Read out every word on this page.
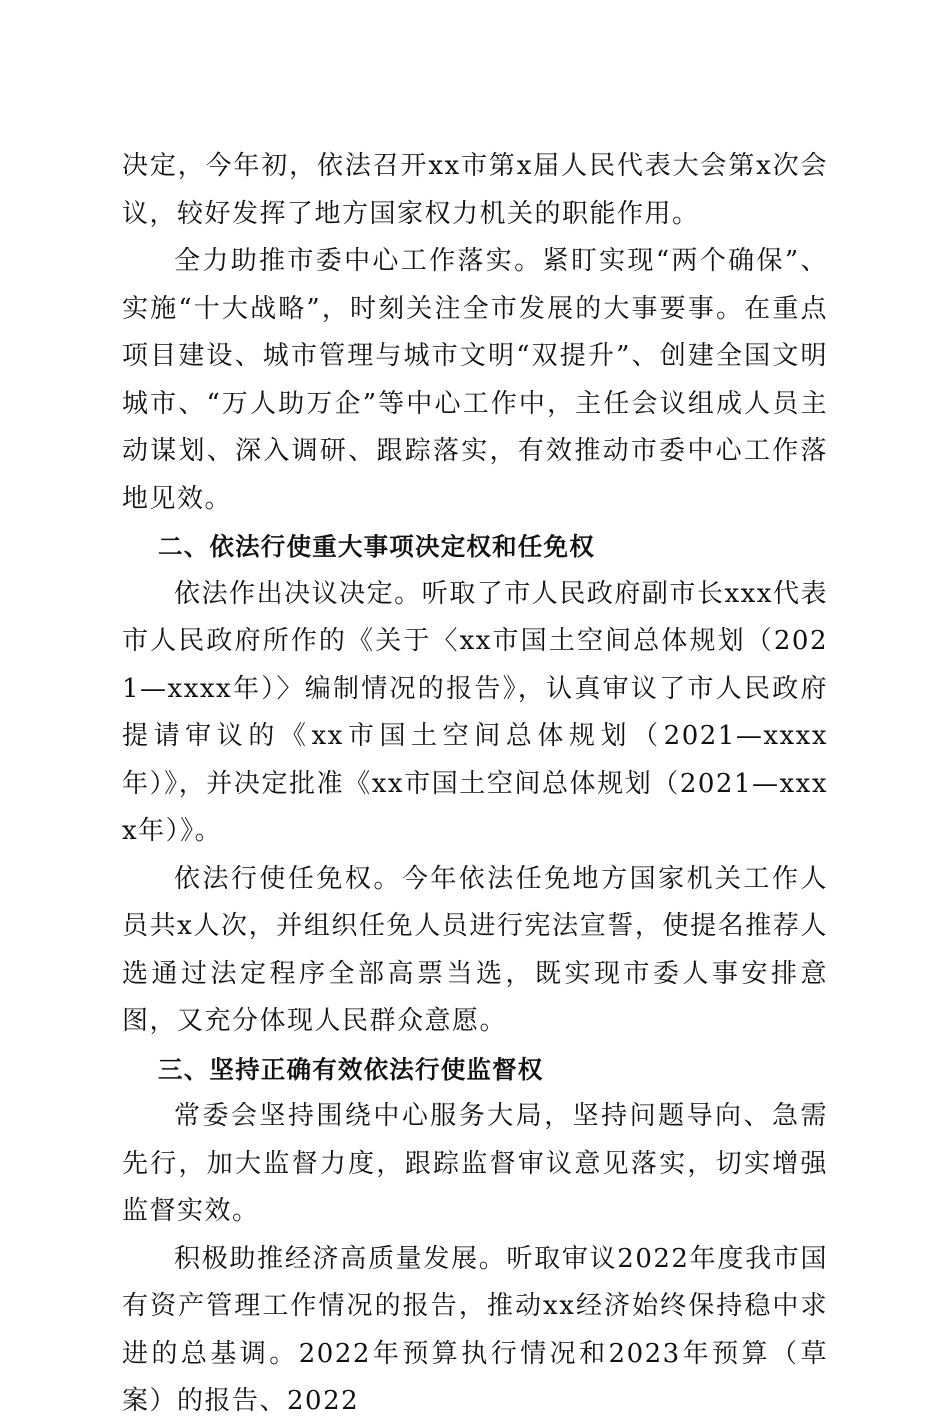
决定，今年初，依法召开xx市第x届人民代表大会第x次会议，较好发挥了地方国家权力机关的职能作用。

全力助推市委中心工作落实。紧盯实现“两个确保”、实施“十大战略”，时刻关注全市发展的大事要事。在重点项目建设、城市管理与城市文明“双提升”、创建全国文明城市、“万人助万企”等中心工作中，主任会议组成人员主动谋划、深入调研、跟踪落实，有效推动市委中心工作落地见效。

二、依法行使重大事项决定权和任免权

依法作出决议决定。听取了市人民政府副市长xxx代表市人民政府所作的《关于〈xx市国土空间总体规划（2021—xxxx年）〉编制情况的报告》，认真审议了市人民政府提请审议的《xx市国土空间总体规划（2021—xxxx年）》，并决定批准《xx市国土空间总体规划（2021—xxxx年）》。

依法行使任免权。今年依法任免地方国家机关工作人员共x人次，并组织任免人员进行宪法宣誓，使提名推荐人选通过法定程序全部高票当选，既实现市委人事安排意图，又充分体现人民群众意愿。

三、坚持正确有效依法行使监督权

常委会坚持围绕中心服务大局，坚持问题导向、急需先行，加大监督力度，跟踪监督审议意见落实，切实增强监督实效。

积极助推经济高质量发展。听取审议2022年度我市国有资产管理工作情况的报告，推动xx经济始终保持稳中求进的总基调。2022年预算执行情况和2023年预算（草案）的报告、2022
